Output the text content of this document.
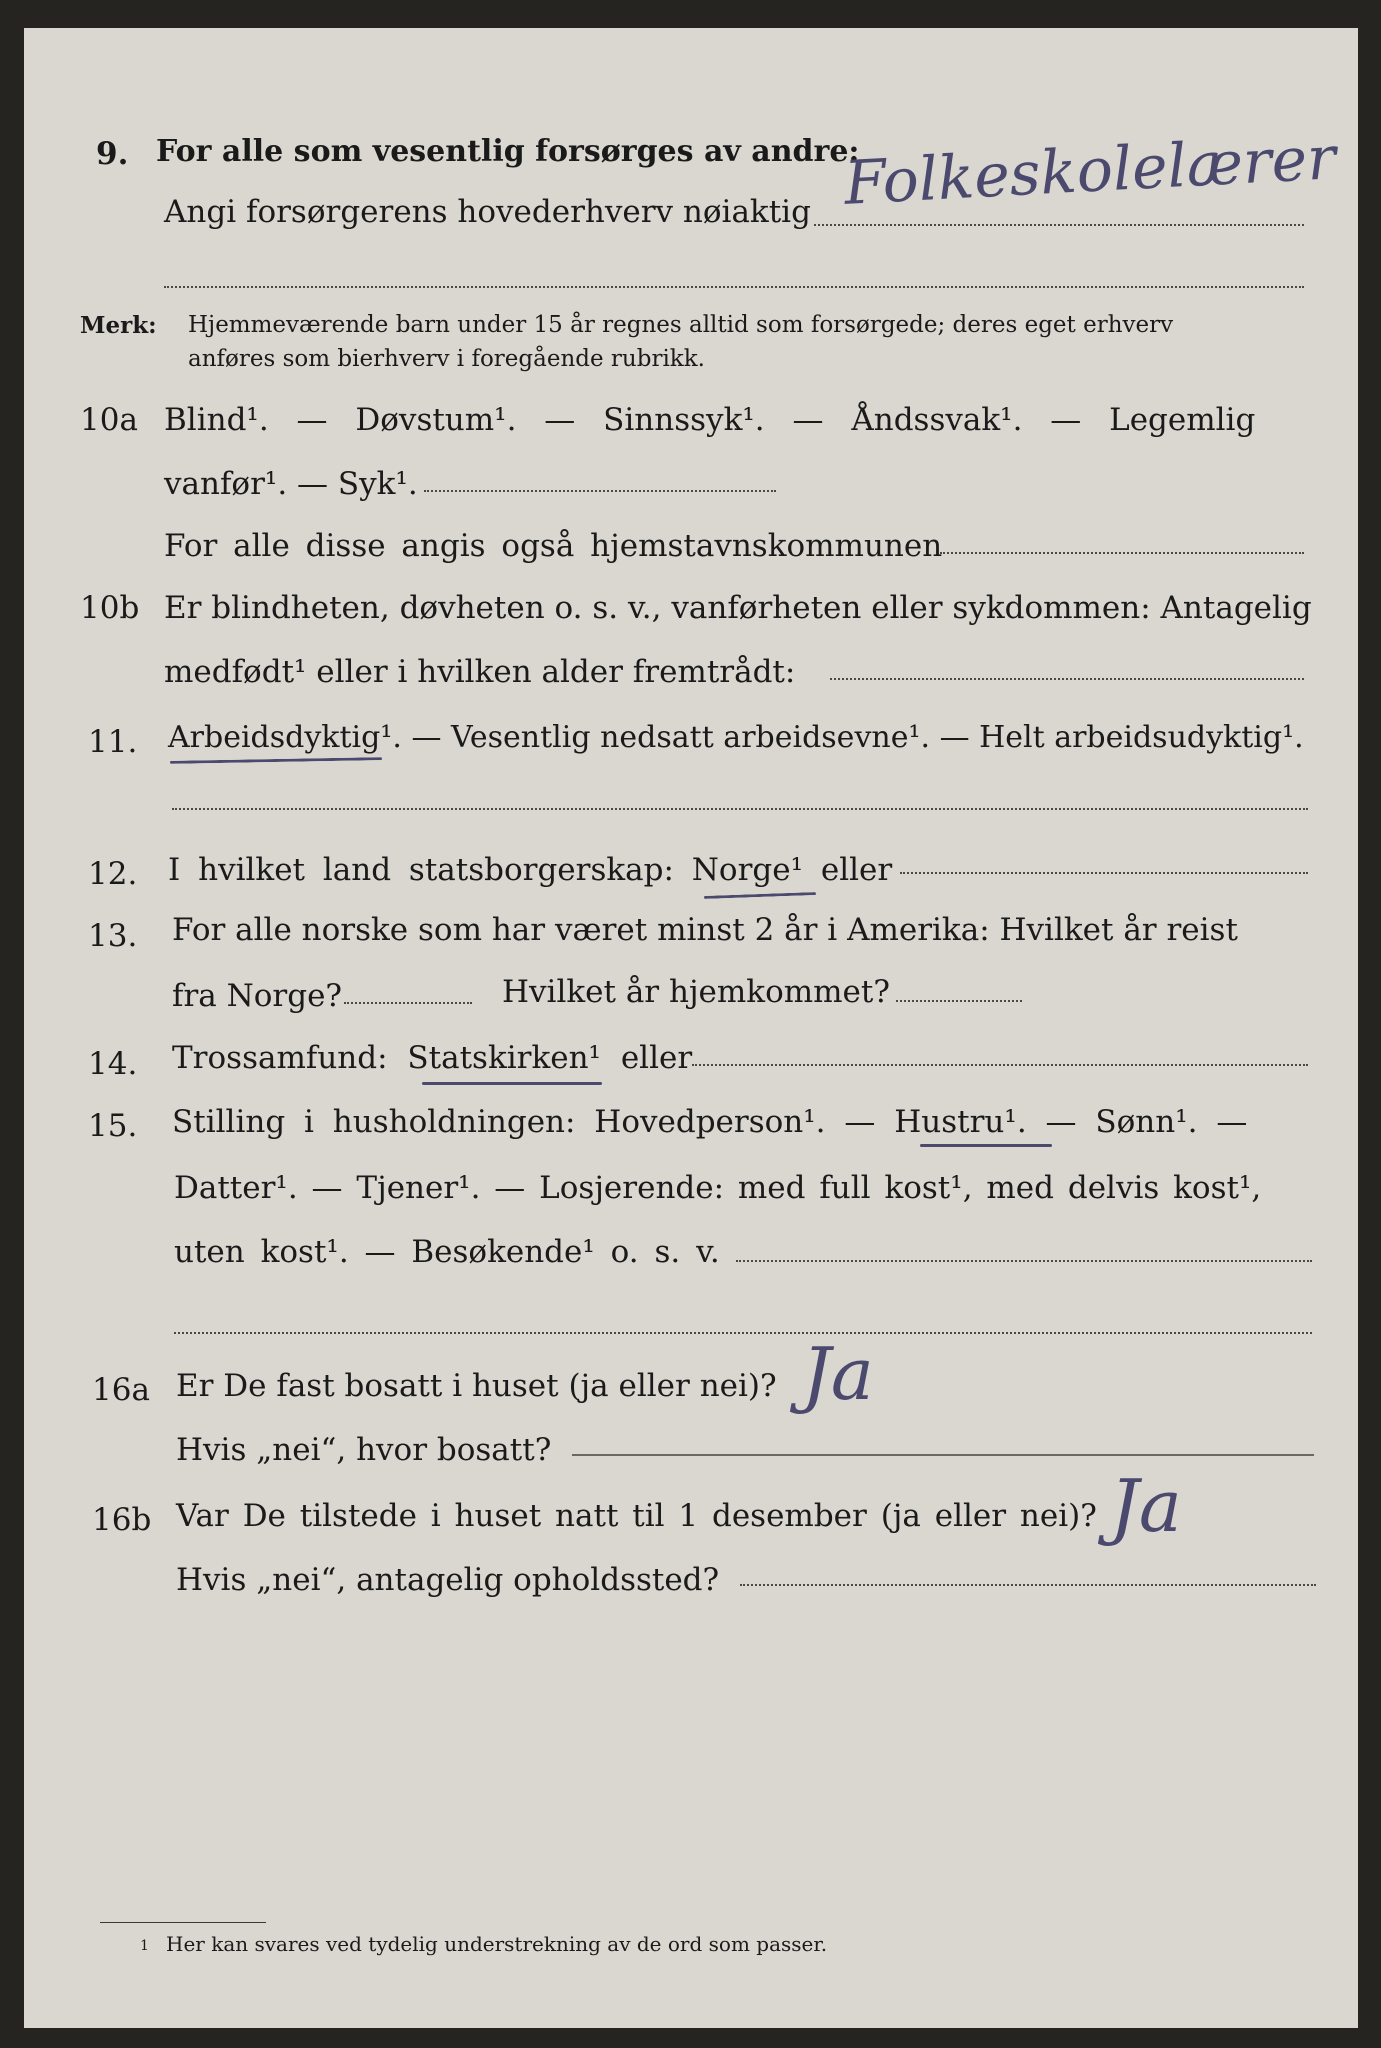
9. For alle som vesentlig forsørges av andre:
Angi forsørgerens hovederhverv nøiaktig Folkeskolelærer
Merk: Hjemmeværende barn under 15 år regnes alltid som forsørgede; deres eget erhverv
anføres som bierhverv i foregående rubrikk.
10a Blind¹. — Døvstum¹. — Sinnssyk¹. — Åndssvak¹. — Legemlig
vanfør¹. — Syk¹.
For alle disse angis også hjemstavnskommunen
10b Er blindheten, døvheten o. s. v., vanførheten eller sykdommen: Antagelig
medfødt¹ eller i hvilken alder fremtrådt:
11. Arbeidsdyktig¹. — Vesentlig nedsatt arbeidsevne¹. — Helt arbeidsudyktig¹.
12. I hvilket land statsborgerskap: Norge¹ eller
13. For alle norske som har været minst 2 år i Amerika: Hvilket år reist
fra Norge?	Hvilket år hjemkommet?
14. Trossamfund: Statskirken¹ eller
15. Stilling i husholdningen: Hovedperson¹. — Hustru¹. — Sønn¹. —
Datter¹. — Tjener¹. — Losjerende: med full kost¹, med delvis kost¹,
uten kost¹. — Besøkende¹ o. s. v.
16a Er De fast bosatt i huset (ja eller nei)? Ja
Hvis „nei“, hvor bosatt?
16b Var De tilstede i huset natt til 1 desember (ja eller nei)? Ja
Hvis „nei“, antagelig opholdssted?
1 Her kan svares ved tydelig understrekning av de ord som passer.
